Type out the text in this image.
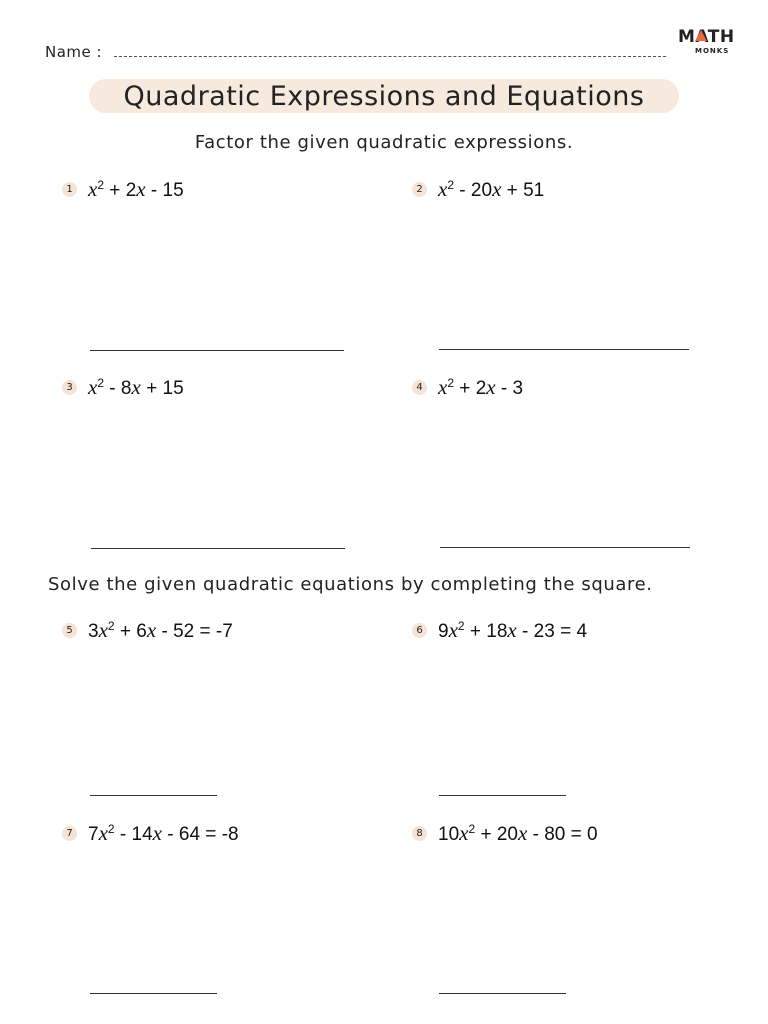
Name :
MATH
MONKS
Quadratic Expressions and Equations
Factor the given quadratic expressions.
1 $x^2 + 2x - 15$	2 $x^2 - 20x + 51$
3 $x^2 - 8x + 15$	4 $x^2 + 2x - 3$
Solve the given quadratic equations by completing the square.
5 $3x^2 + 6x - 52 = -7$	6 $9x^2 + 18x - 23 = 4$
7 $7x^2 - 14x - 64 = -8$	8 $10x^2 + 20x - 80 = 0$
